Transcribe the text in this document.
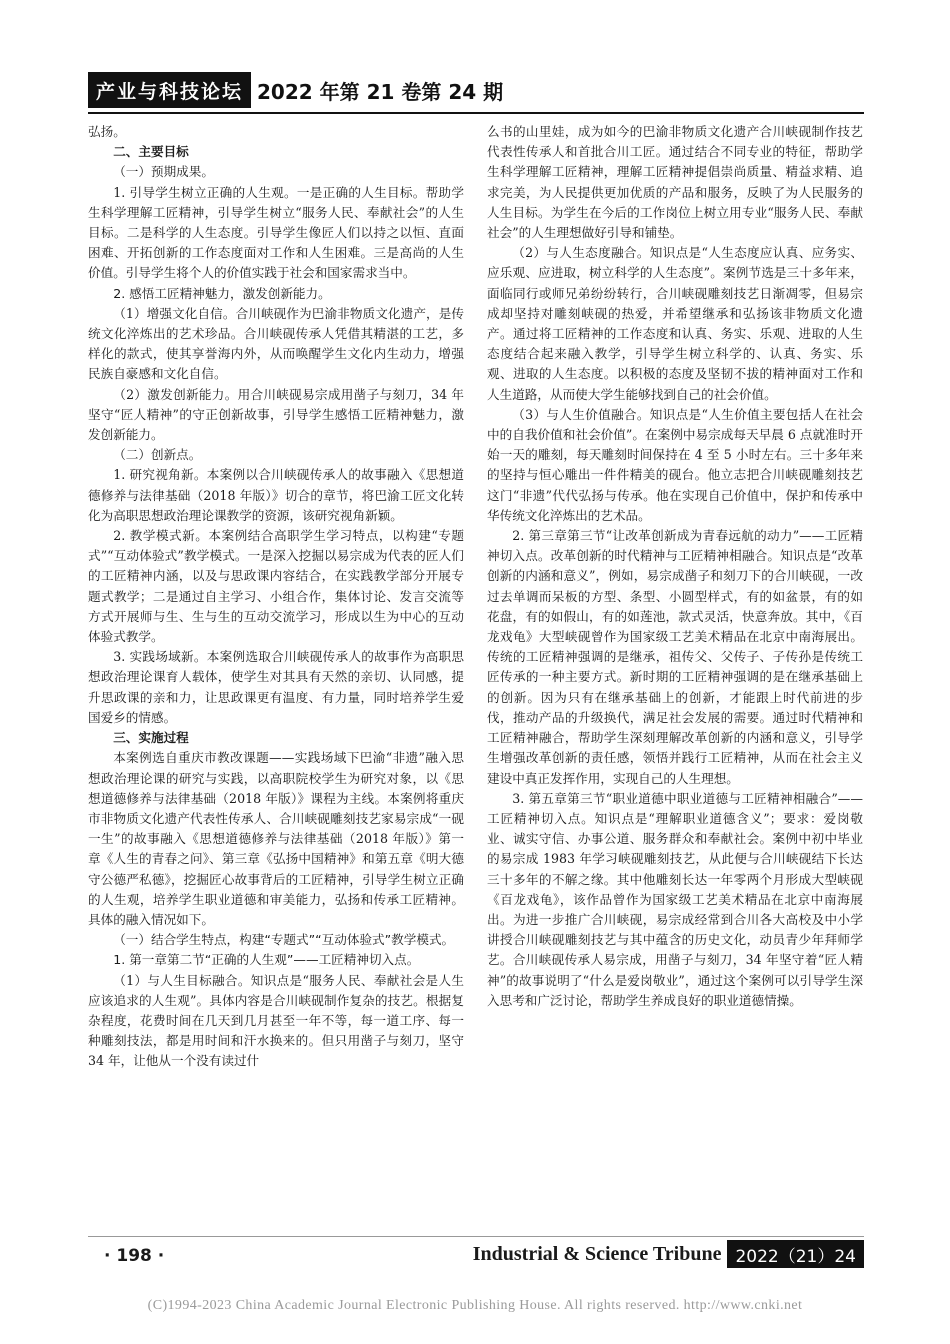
产业与科技论坛 2022 年第 21 卷第 24 期

弘扬。

二、主要目标

（一）预期成果。

1. 引导学生树立正确的人生观。一是正确的人生目标。帮助学生科学理解工匠精神，引导学生树立“服务人民、奉献社会”的人生目标。二是科学的人生态度。引导学生像匠人们以持之以恒、直面困难、开拓创新的工作态度面对工作和人生困难。三是高尚的人生价值。引导学生将个人的价值实践于社会和国家需求当中。

2. 感悟工匠精神魅力，激发创新能力。

（1）增强文化自信。合川峡砚作为巴渝非物质文化遗产，是传统文化淬炼出的艺术珍品。合川峡砚传承人凭借其精湛的工艺，多样化的款式，使其享誉海内外，从而唤醒学生文化内生动力，增强民族自豪感和文化自信。

（2）激发创新能力。用合川峡砚易宗成用凿子与刻刀，34 年坚守“匠人精神”的守正创新故事，引导学生感悟工匠精神魅力，激发创新能力。

（二）创新点。

1. 研究视角新。本案例以合川峡砚传承人的故事融入《思想道德修养与法律基础（2018 年版）》切合的章节，将巴渝工匠文化转化为高职思想政治理论课教学的资源，该研究视角新颖。

2. 教学模式新。本案例结合高职学生学习特点，以构建“专题式”“互动体验式”教学模式。一是深入挖掘以易宗成为代表的匠人们的工匠精神内涵，以及与思政课内容结合，在实践教学部分开展专题式教学；二是通过自主学习、小组合作，集体讨论、发言交流等方式开展师与生、生与生的互动交流学习，形成以生为中心的互动体验式教学。

3. 实践场域新。本案例选取合川峡砚传承人的故事作为高职思想政治理论课育人载体，使学生对其具有天然的亲切、认同感，提升思政课的亲和力，让思政课更有温度、有力量，同时培养学生爱国爱乡的情感。

三、实施过程

本案例选自重庆市教改课题——实践场域下巴渝“非遗”融入思想政治理论课的研究与实践，以高职院校学生为研究对象，以《思想道德修养与法律基础（2018 年版）》课程为主线。本案例将重庆市非物质文化遗产代表性传承人、合川峡砚雕刻技艺家易宗成“一砚一生”的故事融入《思想道德修养与法律基础（2018 年版）》第一章《人生的青春之问》、第三章《弘扬中国精神》和第五章《明大德守公德严私德》，挖掘匠心故事背后的工匠精神，引导学生树立正确的人生观，培养学生职业道德和审美能力，弘扬和传承工匠精神。具体的融入情况如下。

（一）结合学生特点，构建“专题式”“互动体验式”教学模式。

1. 第一章第二节“正确的人生观”——工匠精神切入点。

（1）与人生目标融合。知识点是“服务人民、奉献社会是人生应该追求的人生观”。具体内容是合川峡砚制作复杂的技艺。根据复杂程度，花费时间在几天到几月甚至一年不等，每一道工序、每一种雕刻技法，都是用时间和汗水换来的。但只用凿子与刻刀，坚守 34 年，让他从一个没有读过什

么书的山里娃，成为如今的巴渝非物质文化遗产合川峡砚制作技艺代表性传承人和首批合川工匠。通过结合不同专业的特征，帮助学生科学理解工匠精神，理解工匠精神提倡崇尚质量、精益求精、追求完美，为人民提供更加优质的产品和服务，反映了为人民服务的人生目标。为学生在今后的工作岗位上树立用专业“服务人民、奉献社会”的人生理想做好引导和铺垫。

（2）与人生态度融合。知识点是“人生态度应认真、应务实、应乐观、应进取，树立科学的人生态度”。案例节选是三十多年来，面临同行或师兄弟纷纷转行，合川峡砚雕刻技艺日渐凋零，但易宗成却坚持对雕刻峡砚的热爱，并希望继承和弘扬该非物质文化遗产。通过将工匠精神的工作态度和认真、务实、乐观、进取的人生态度结合起来融入教学，引导学生树立科学的、认真、务实、乐观、进取的人生态度。以积极的态度及坚韧不拔的精神面对工作和人生道路，从而使大学生能够找到自己的社会价值。

（3）与人生价值融合。知识点是“人生价值主要包括人在社会中的自我价值和社会价值”。在案例中易宗成每天早晨 6 点就准时开始一天的雕刻，每天雕刻时间保持在 4 至 5 小时左右。三十多年来的坚持与恒心雕出一件件精美的砚台。他立志把合川峡砚雕刻技艺这门“非遗”代代弘扬与传承。他在实现自己价值中，保护和传承中华传统文化淬炼出的艺术品。

2. 第三章第三节“让改革创新成为青春远航的动力”——工匠精神切入点。改革创新的时代精神与工匠精神相融合。知识点是“改革创新的内涵和意义”，例如，易宗成凿子和刻刀下的合川峡砚，一改过去单调而呆板的方型、条型、小圆型样式，有的如盆景，有的如花盘，有的如假山，有的如莲池，款式灵活，快意奔放。其中，《百龙戏龟》大型峡砚曾作为国家级工艺美术精品在北京中南海展出。传统的工匠精神强调的是继承，祖传父、父传子、子传孙是传统工匠传承的一种主要方式。新时期的工匠精神强调的是在继承基础上的创新。因为只有在继承基础上的创新，才能跟上时代前进的步伐，推动产品的升级换代，满足社会发展的需要。通过时代精神和工匠精神融合，帮助学生深刻理解改革创新的内涵和意义，引导学生增强改革创新的责任感，领悟并践行工匠精神，从而在社会主义建设中真正发挥作用，实现自己的人生理想。

3. 第五章第三节“职业道德中职业道德与工匠精神相融合”——工匠精神切入点。知识点是“理解职业道德含义”；要求：爱岗敬业、诚实守信、办事公道、服务群众和奉献社会。案例中初中毕业的易宗成 1983 年学习峡砚雕刻技艺，从此便与合川峡砚结下长达三十多年的不解之缘。其中他雕刻长达一年零两个月形成大型峡砚《百龙戏龟》，该作品曾作为国家级工艺美术精品在北京中南海展出。为进一步推广合川峡砚，易宗成经常到合川各大高校及中小学讲授合川峡砚雕刻技艺与其中蕴含的历史文化，动员青少年拜师学艺。合川峡砚传承人易宗成，用凿子与刻刀，34 年坚守着“匠人精神”的故事说明了“什么是爱岗敬业”，通过这个案例可以引导学生深入思考和广泛讨论，帮助学生养成良好的职业道德情操。

· 198 ·	Industrial & Science Tribune 2022（21）24
(C)1994-2023 China Academic Journal Electronic Publishing House. All rights reserved. http://www.cnki.net
